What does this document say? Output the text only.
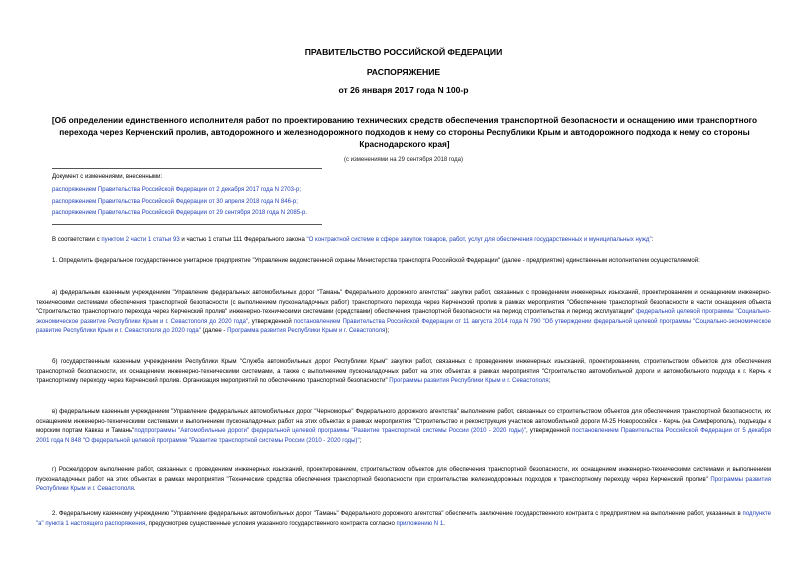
ПРАВИТЕЛЬСТВО РОССИЙСКОЙ ФЕДЕРАЦИИ
РАСПОРЯЖЕНИЕ
от 26 января 2017 года N 100-р
[Об определении единственного исполнителя работ по проектированию технических средств обеспечения транспортной безопасности и оснащению ими транспортного перехода через Керченский пролив, автодорожного и железнодорожного подходов к нему со стороны Республики Крым и автодорожного подхода к нему со стороны Краснодарского края]
(с изменениями на 29 сентября 2018 года)
Документ с изменениями, внесенными:
распоряжением Правительства Российской Федерации от 2 декабря 2017 года N 2703-р;
распоряжением Правительства Российской Федерации от 30 апреля 2018 года N 846-р;
распоряжением Правительства Российской Федерации от 29 сентября 2018 года N 2085-р.

В соответствии с пунктом 2 части 1 статьи 93 и частью 1 статьи 111 Федерального закона "О контрактной системе в сфере закупок товаров, работ, услуг для обеспечения государственных и муниципальных нужд":

1. Определить федеральное государственное унитарное предприятие "Управление ведомственной охраны Министерства транспорта Российской Федерации" (далее - предприятие) единственным исполнителем осуществляемой:

а) федеральным казенным учреждением "Управление федеральных автомобильных дорог "Тамань" Федерального дорожного агентства" закупки работ, связанных с проведением инженерных изысканий, проектированием и оснащением инженерно-техническими системами обеспечения транспортной безопасности (с выполнением пусконаладочных работ) транспортного перехода через Керченский пролив в рамках мероприятия "Обеспечение транспортной безопасности в части оснащения объекта "Строительство транспортного перехода через Керченский пролив" инженерно-техническими системами (средствами) обеспечения транспортной безопасности на период строительства и период эксплуатации" федеральной целевой программы "Социально-экономическое развитие Республики Крым и г. Севастополя до 2020 года", утвержденной постановлением Правительства Российской Федерации от 11 августа 2014 года N 790 "Об утверждении федеральной целевой программы "Социально-экономическое развитие Республики Крым и г. Севастополя до 2020 года" (далее - Программа развития Республики Крым и г. Севастополя);

б) государственным казенным учреждением Республики Крым "Служба автомобильных дорог Республики Крым" закупки работ, связанных с проведением инженерных изысканий, проектированием, строительством объектов для обеспечения транспортной безопасности, их оснащением инженерно-техническими системами, а также с выполнением пусконаладочных работ на этих объектах в рамках мероприятия "Строительство автомобильной дороги и автомобильного подхода к г. Керчь к транспортному переходу через Керченский пролив. Организация мероприятий по обеспечению транспортной безопасности" Программы развития Республики Крым и г. Севастополя;

в) федеральным казенным учреждением "Управление федеральных автомобильных дорог "Черноморье" Федерального дорожного агентства" выполнение работ, связанных со строительством объектов для обеспечения транспортной безопасности, их оснащением инженерно-техническими системами и выполнением пусконаладочных работ на этих объектах в рамках мероприятия "Строительство и реконструкция участков автомобильной дороги М-25 Новороссийск - Керчь (на Симферополь), подъезды к морским портам Кавказ и Тамань"подпрограммы "Автомобильные дороги" федеральной целевой программы "Развитие транспортной системы России (2010 - 2020 годы)", утвержденной постановлением Правительства Российской Федерации от 5 декабря 2001 года N 848 "О федеральной целевой программе "Развитие транспортной системы России (2010 - 2020 годы)";

г) Росжелдором выполнение работ, связанных с проведением инженерных изысканий, проектированием, строительством объектов для обеспечения транспортной безопасности, их оснащением инженерно-техническими системами и выполнением пусконаладочных работ на этих объектах в рамках мероприятия "Технические средства обеспечения транспортной безопасности при строительстве железнодорожных подходов к транспортному переходу через Керченский пролив" Программы развития Республики Крым и г. Севастополя.

2. Федеральному казенному учреждению "Управление федеральных автомобильных дорог "Тамань" Федерального дорожного агентства" обеспечить заключение государственного контракта с предприятием на выполнение работ, указанных в подпункте "а" пункта 1 настоящего распоряжения, предусмотрев существенные условия указанного государственного контракта согласно приложению N 1.
